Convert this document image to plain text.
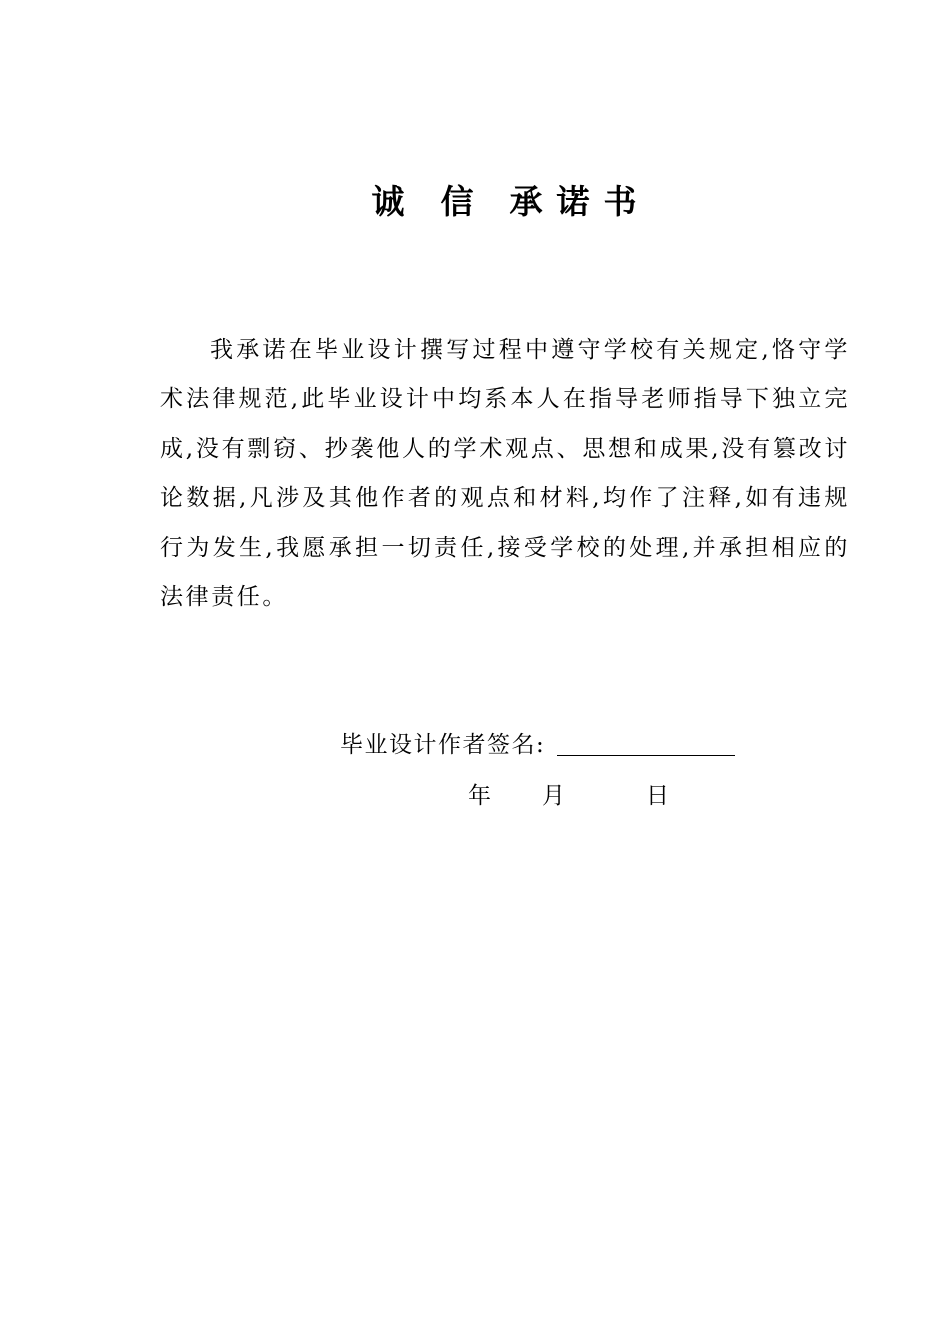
诚 信 承 诺 书
我承诺在毕业设计撰写过程中遵守学校有关规定,恪守学术法律规范,此毕业设计中均系本人在指导老师指导下独立完成,没有剽窃、抄袭他人的学术观点、思想和成果,没有篡改讨论数据,凡涉及其他作者的观点和材料,均作了注释,如有违规行为发生,我愿承担一切责任,接受学校的处理,并承担相应的法律责任。
毕业设计作者签名:
年 月	日
